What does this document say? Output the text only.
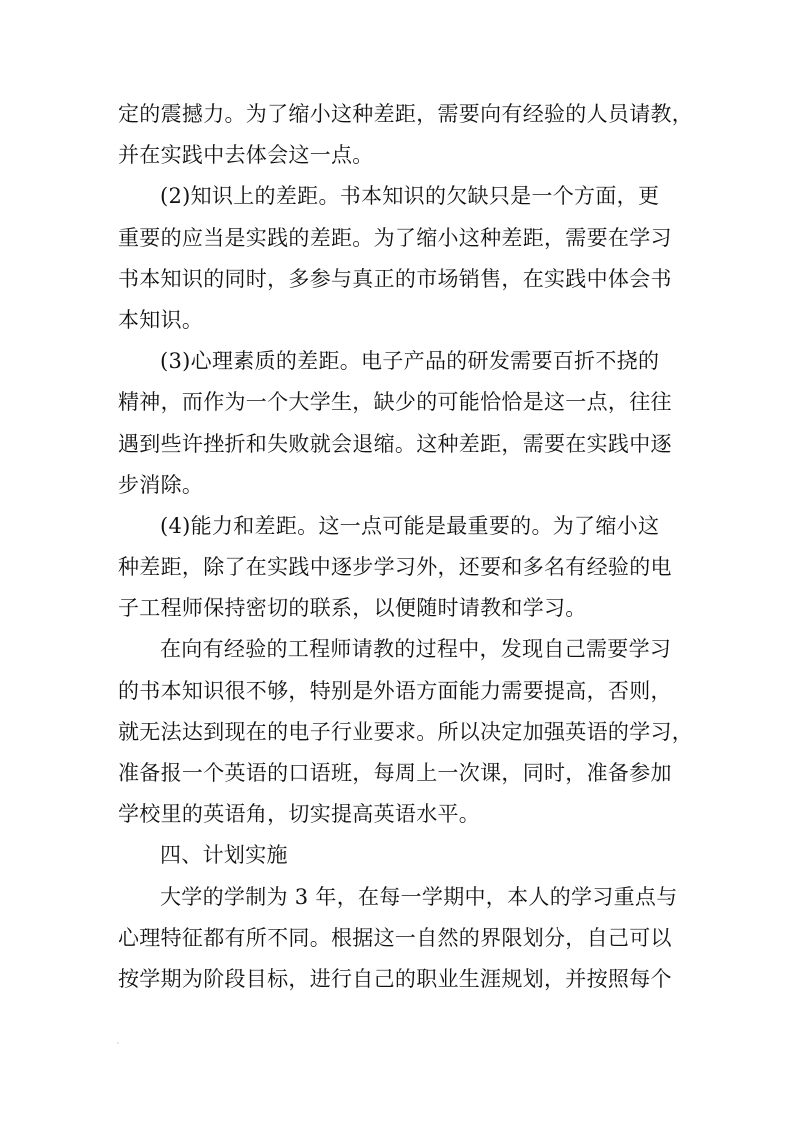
定的震撼力。为了缩小这种差距，需要向有经验的人员请教，
并在实践中去体会这一点。
(2)知识上的差距。书本知识的欠缺只是一个方面，更
重要的应当是实践的差距。为了缩小这种差距，需要在学习
书本知识的同时，多参与真正的市场销售，在实践中体会书
本知识。
(3)心理素质的差距。电子产品的研发需要百折不挠的
精神，而作为一个大学生，缺少的可能恰恰是这一点，往往
遇到些许挫折和失败就会退缩。这种差距，需要在实践中逐
步消除。
(4)能力和差距。这一点可能是最重要的。为了缩小这
种差距，除了在实践中逐步学习外，还要和多名有经验的电
子工程师保持密切的联系，以便随时请教和学习。
在向有经验的工程师请教的过程中，发现自己需要学习
的书本知识很不够，特别是外语方面能力需要提高，否则，
就无法达到现在的电子行业要求。所以决定加强英语的学习，
准备报一个英语的口语班，每周上一次课，同时，准备参加
学校里的英语角，切实提高英语水平。
四、计划实施
大学的学制为 3 年，在每一学期中，本人的学习重点与
心理特征都有所不同。根据这一自然的界限划分，自己可以
按学期为阶段目标，进行自己的职业生涯规划，并按照每个
